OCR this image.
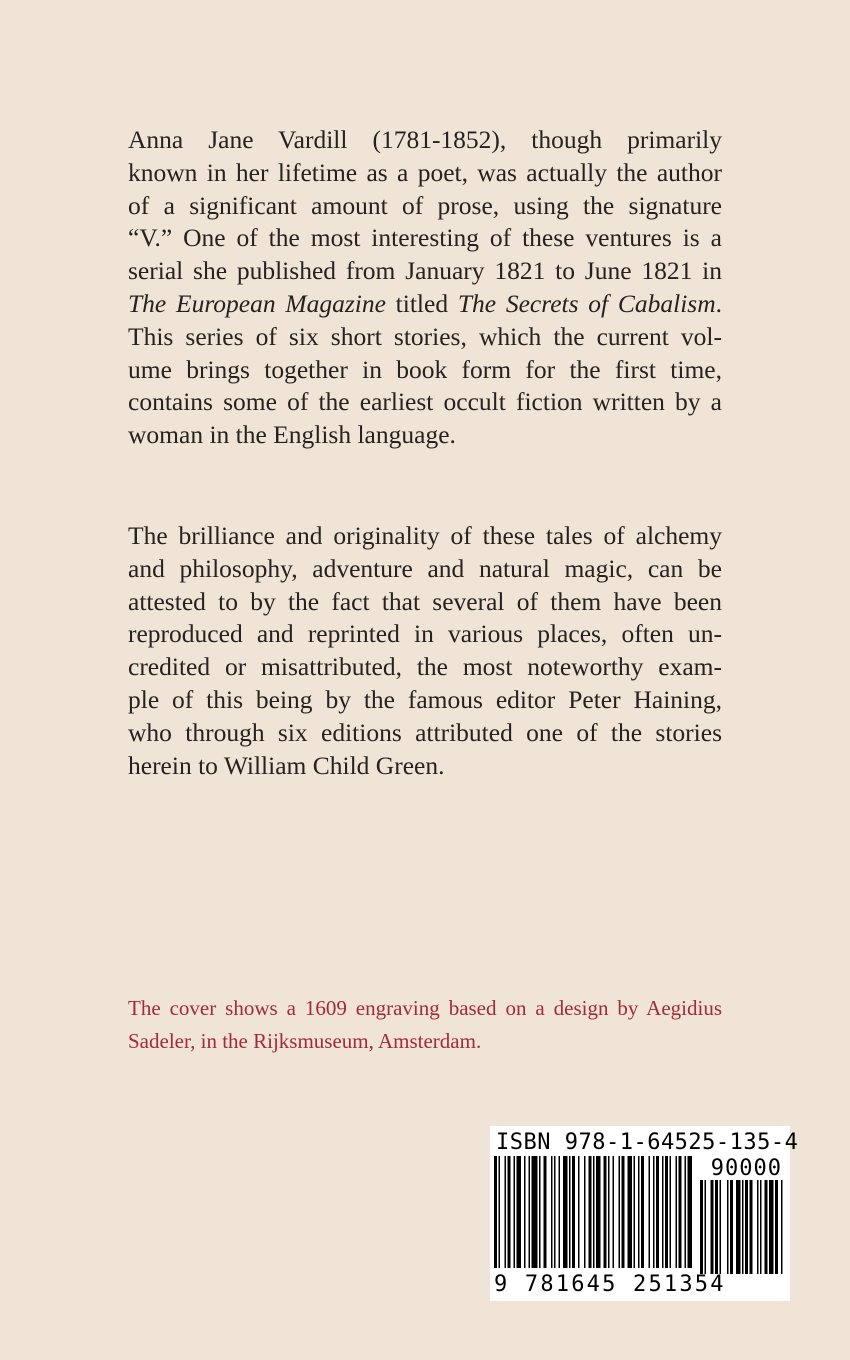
Anna Jane Vardill (1781-1852), though primarily
known in her lifetime as a poet, was actually the author
of a significant amount of prose, using the signature
“V.” One of the most interesting of these ventures is a
serial she published from January 1821 to June 1821 in
The European Magazine titled The Secrets of Cabalism.
This series of six short stories, which the current vol-
ume brings together in book form for the first time,
contains some of the earliest occult fiction written by a
woman in the English language.
The brilliance and originality of these tales of alchemy
and philosophy, adventure and natural magic, can be
attested to by the fact that several of them have been
reproduced and reprinted in various places, often un-
credited or misattributed, the most noteworthy exam-
ple of this being by the famous editor Peter Haining,
who through six editions attributed one of the stories
herein to William Child Green.
The cover shows a 1609 engraving based on a design by Aegidius
Sadeler, in the Rijksmuseum, Amsterdam.
ISBN 978-1-64525-135-4
90000
9 781645 251354
